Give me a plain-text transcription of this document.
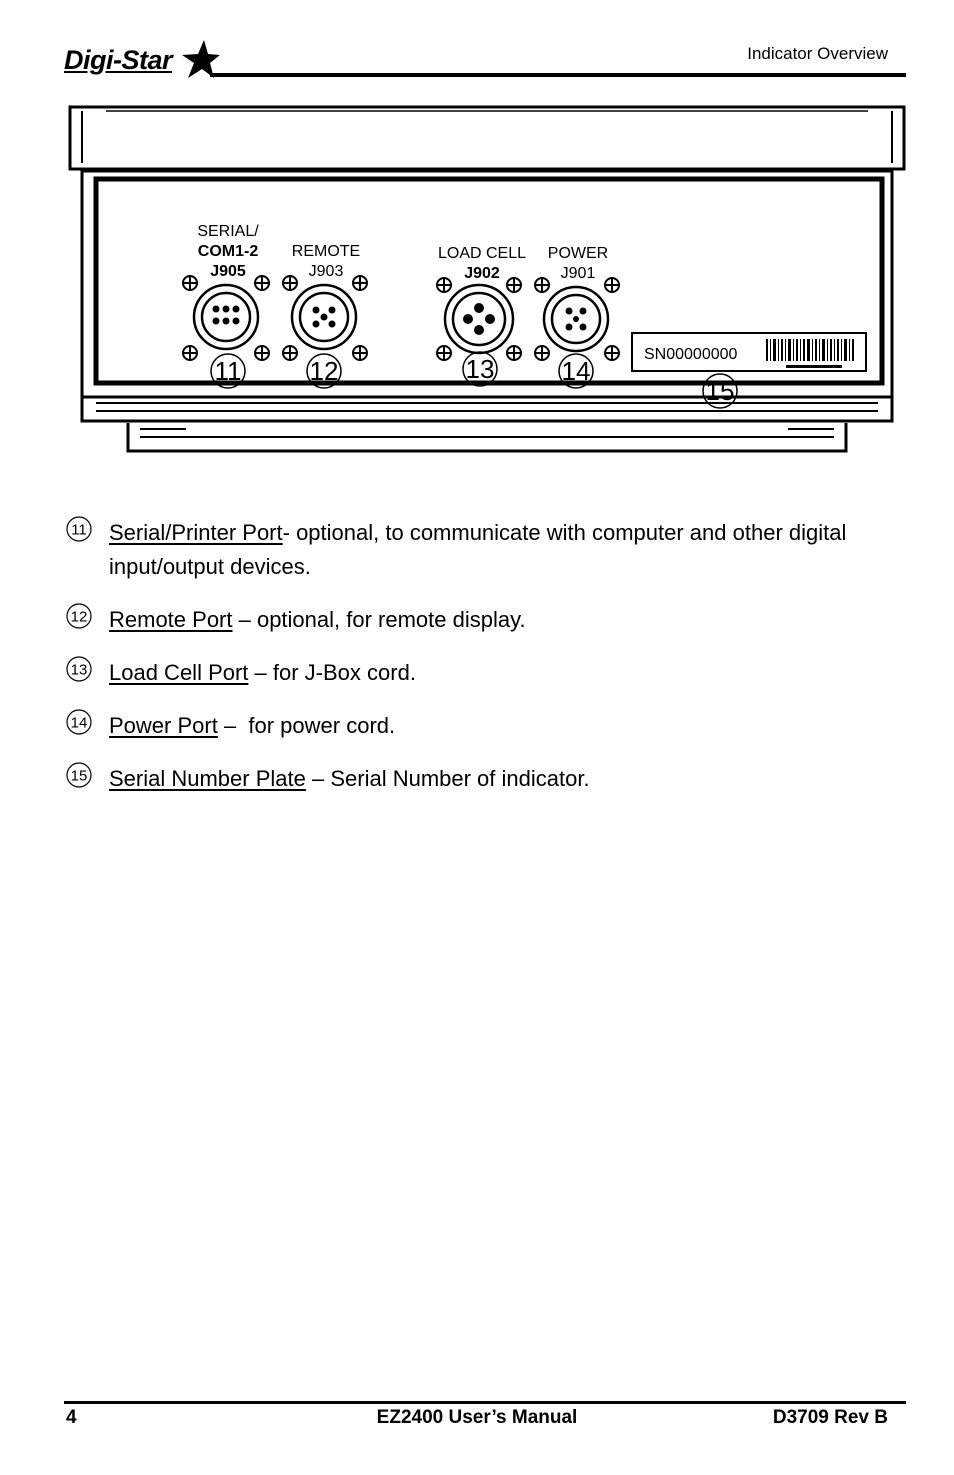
Digi-Star	Indicator Overview
SERIAL/
COM1-2
J905
REMOTE
J903
LOAD CELL
J902
POWER
J901
SN00000000
11	12	13	14
15
11 Serial/Printer Port- optional, to communicate with computer and other digital input/output devices.
12 Remote Port – optional, for remote display.
13 Load Cell Port – for J-Box cord.
14 Power Port –  for power cord.
15 Serial Number Plate – Serial Number of indicator.
4	EZ2400 User’s Manual	D3709 Rev B
